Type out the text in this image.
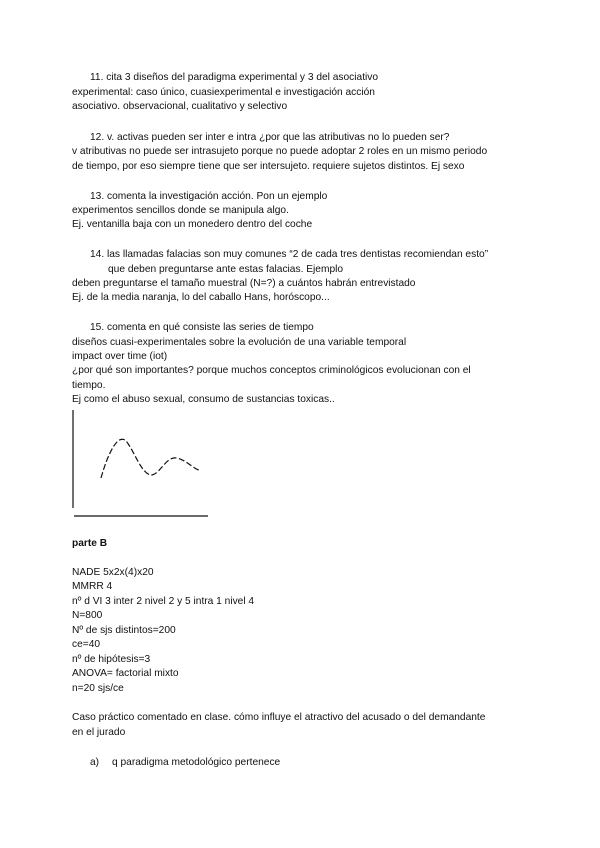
11. cita 3 diseños del paradigma experimental y 3 del asociativo
experimental: caso único, cuasiexperimental e investigación acción
asociativo. observacional, cualitativo y selectivo
12. v. activas pueden ser inter e intra ¿por que las atributivas no lo pueden ser?
v atributivas no puede ser intrasujeto porque no puede adoptar 2 roles en un mismo periodo
de tiempo, por eso siempre tiene que ser intersujeto. requiere sujetos distintos. Ej sexo
13. comenta la investigación acción. Pon un ejemplo
experimentos sencillos donde se manipula algo.
Ej. ventanilla baja con un monedero dentro del coche
14. las llamadas falacias son muy comunes “2 de cada tres dentistas recomiendan esto”
que deben preguntarse ante estas falacias. Ejemplo
deben preguntarse el tamaño muestral (N=?) a cuántos habrán entrevistado
Ej. de la media naranja, lo del caballo Hans, horóscopo...
15. comenta en qué consiste las series de tiempo
diseños cuasi-experimentales sobre la evolución de una variable temporal
impact over time (iot)
¿por qué son importantes? porque muchos conceptos criminológicos evolucionan con el
tiempo.
Ej como el abuso sexual, consumo de sustancias toxicas..
parte B
NADE 5x2x(4)x20
MMRR 4
nº d VI 3 inter 2 nivel 2 y 5 intra 1 nivel 4
N=800
Nº de sjs distintos=200
ce=40
nº de hipótesis=3
ANOVA= factorial mixto
n=20 sjs/ce
Caso práctico comentado en clase. cómo influye el atractivo del acusado o del demandante
en el jurado
a) q paradigma metodológico pertenece
